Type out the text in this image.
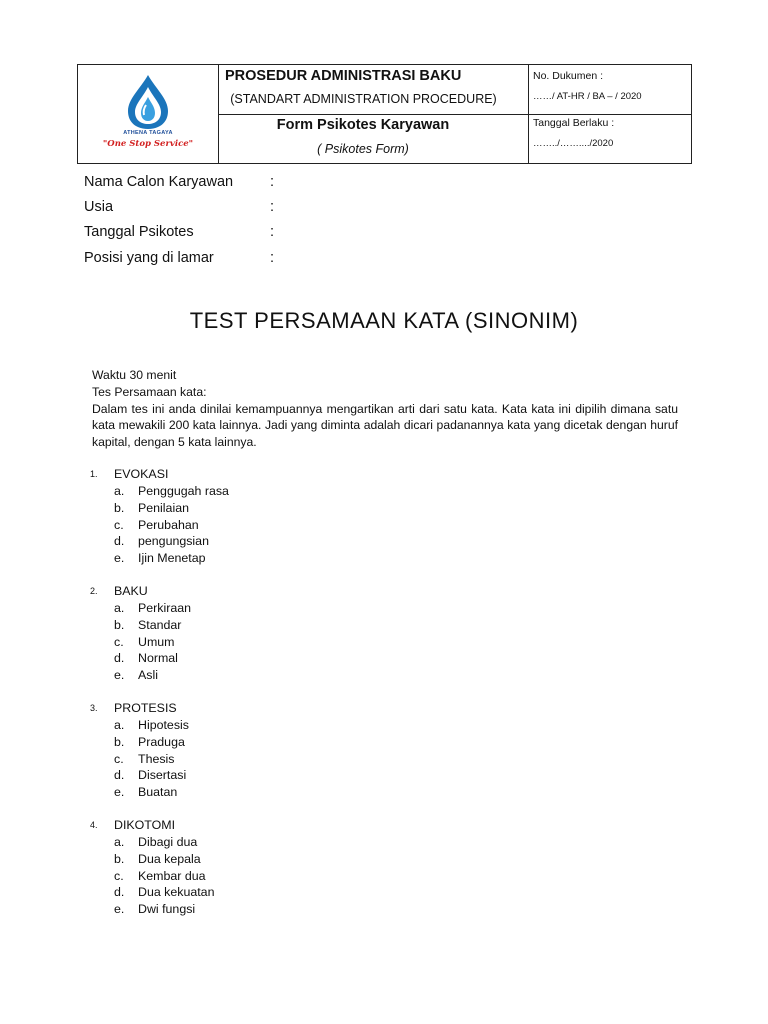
ATHENA TAGAYA
"One Stop Service"
PROSEDUR ADMINISTRASI BAKU
(STANDART ADMINISTRATION PROCEDURE)
Form Psikotes Karyawan
( Psikotes Form)
No. Dukumen :
……/ AT-HR / BA – / 2020
Tanggal Berlaku :
……../……..../2020
Nama Calon Karyawan	:
Usia	:
Tanggal Psikotes	:
Posisi yang di lamar	:
TEST PERSAMAAN KATA (SINONIM)

Waktu 30 menit

Tes Persamaan kata:

Dalam tes ini anda dinilai kemampuannya mengartikan arti dari satu kata. Kata kata ini dipilih dimana satu kata mewakili 200 kata lainnya. Jadi yang diminta adalah dicari padanannya kata yang dicetak dengan huruf kapital, dengan 5 kata lainnya.

1. EVOKASI
a. Penggugah rasa
b. Penilaian
c. Perubahan
d. pengungsian
e. Ijin Menetap
2. BAKU
a. Perkiraan
b. Standar
c. Umum
d. Normal
e. Asli
3. PROTESIS
a. Hipotesis
b. Praduga
c. Thesis
d. Disertasi
e. Buatan
4. DIKOTOMI
a. Dibagi dua
b. Dua kepala
c. Kembar dua
d. Dua kekuatan
e. Dwi fungsi
